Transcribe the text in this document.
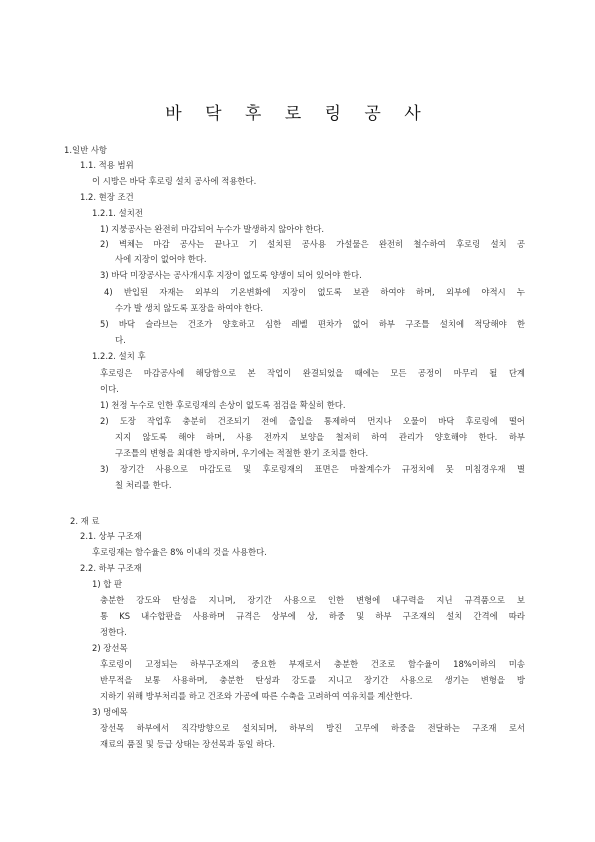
바 닥 후 로 링 공 사
1.일반 사항
1.1. 적용 범위
이 시방은 바닥 후로링 설치 공사에 적용한다.
1.2. 현장 조건
1.2.1. 설치전
1) 지붕공사는 완전히 마감되어 누수가 발생하지 않아야 한다.
2) 벽체는 마감 공사는 끝나고 기 설치된 공사용 가설물은 완전히 철수하여 후로링 설치 공
사에 지장이 없어야 한다.
3) 바닥 미장공사는 공사개시후 지장이 없도록 양생이 되어 있어야 한다.
4) 반입된 자재는 외부의 기온변화에 지장이 없도록 보관 하여야 하며, 외부에 야적시 누
수가 발 생치 않도록 포장을 하여야 한다.
5) 바닥 슬라브는 건조가 양호하고 심한 레벨 편차가 없어 하부 구조틀 설치에 적당해야 한
다.
1.2.2. 설치 후
후로링은 마감공사에 해당함으로 본 작업이 완결되었을 때에는 모든 공정이 마무리 될 단계
이다.
1) 천정 누수로 인한 후로링재의 손상이 없도록 점검을 확실히 한다.
2) 도장 작업후 충분히 건조되기 전에 출입을 통제하여 먼지나 오물이 바닥 후로링에 떨어
지지 않도록 해야 하며, 사용 전까지 보양을 철저히 하여 관리가 양호해야 한다. 하부
구조틀의 변형을 최대한 방지하며, 우기에는 적절한 환기 조치를 한다.
3) 장기간 사용으로 마감도료 및 후로링재의 표면은 마찰계수가 규정치에 못 미침경우재 별
칠 처리를 한다.
2. 재 료
2.1. 상부 구조재
후로링재는 함수율은 8% 이내의 것을 사용한다.
2.2. 하부 구조재
1) 합 판
충분한 강도와 탄성을 지니며, 장기간 사용으로 인한 변형에 내구력을 지닌 규격품으로 보
통 KS 내수합판을 사용하며 규격은 상부에 상, 하중 및 하부 구조재의 설치 간격에 따라
정한다.
2) 장선목
후로링이 고정되는 하부구조재의 중요한 부재로서 충분한 건조로 함수율이 18%이하의 미송
반무적을 보통 사용하며, 충분한 탄성과 강도를 지니고 장기간 사용으로 생기는 변형을 방
지하기 위해 방부처리를 하고 건조와 가공에 따른 수축을 고려하여 여유치를 계산한다.
3) 멍에목
장선목 하부에서 직각방향으로 설치되며, 하부의 방진 고무에 하중을 전달하는 구조재 로서
재료의 품질 및 등급 상태는 장선목과 동일 하다.
